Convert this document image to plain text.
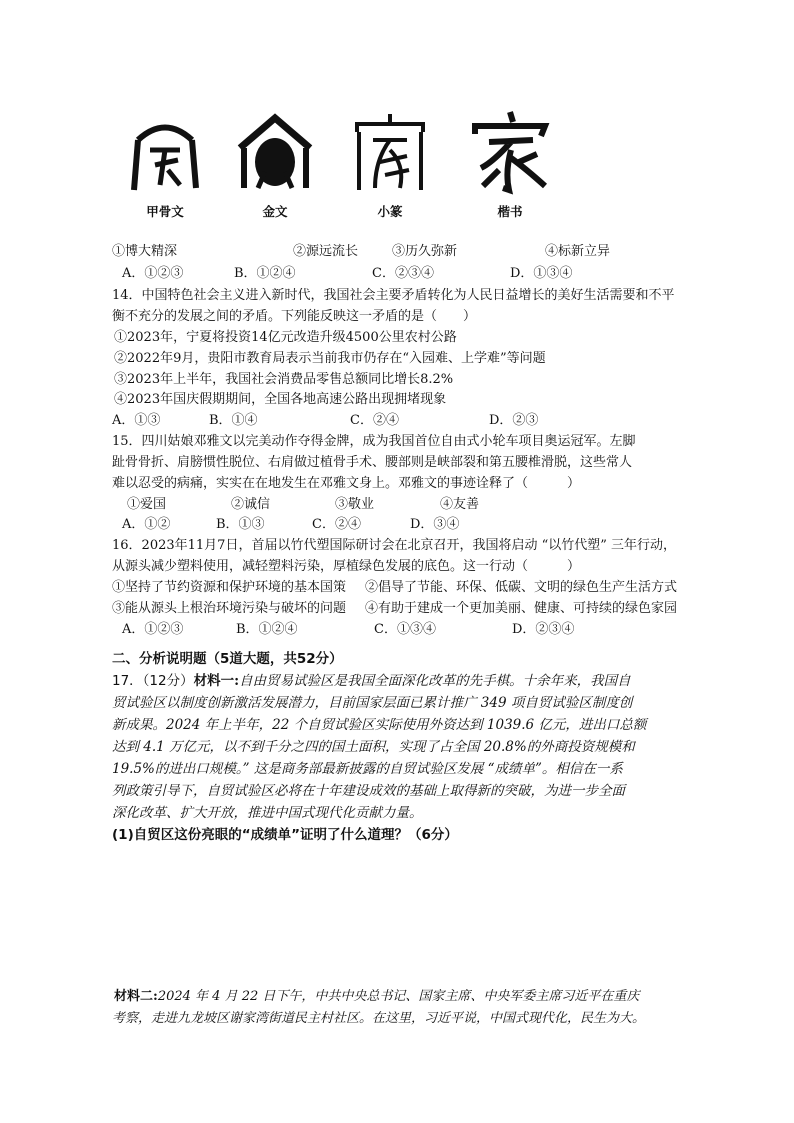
甲骨文	金文	小篆	楷书
①博大精深	②源远流长	③历久弥新	④标新立异
A．①②③	B．①②④	C．②③④	D．①③④
14．中国特色社会主义进入新时代，我国社会主要矛盾转化为人民日益增长的美好生活需要和不平
衡不充分的发展之间的矛盾。下列能反映这一矛盾的是（　　）
①2023年，宁夏将投资14亿元改造升级4500公里农村公路
②2022年9月，贵阳市教育局表示当前我市仍存在“入园难、上学难”等问题
③2023年上半年，我国社会消费品零售总额同比增长8.2%
④2023年国庆假期期间，全国各地高速公路出现拥堵现象
A．①③	B．①④	C．②④	D．②③
15．四川姑娘邓雅文以完美动作夺得金牌，成为我国首位自由式小轮车项目奥运冠军。左脚
趾骨骨折、肩膀惯性脱位、右肩做过植骨手术、腰部则是峡部裂和第五腰椎滑脱，这些常人
难以忍受的病痛，实实在在地发生在邓雅文身上。邓雅文的事迹诠释了（　　　）
①爱国	②诚信	③敬业	④友善
A．①②	B．①③	C．②④	D．③④
16．2023年11月7日，首届以竹代塑国际研讨会在北京召开，我国将启动 “以竹代塑” 三年行动，
从源头减少塑料使用，减轻塑料污染，厚植绿色发展的底色。这一行动（　　　）
①坚持了节约资源和保护环境的基本国策 ②倡导了节能、环保、低碳、文明的绿色生产生活方式
③能从源头上根治环境污染与破坏的问题 ④有助于建成一个更加美丽、健康、可持续的绿色家园
A．①②③	B．①②④	C．①③④	D．②③④
二、分析说明题（5道大题，共52分）
17．（12分）材料一:自由贸易试验区是我国全面深化改革的先手棋。十余年来，我国自
贸试验区以制度创新激活发展潜力，目前国家层面已累计推广 349 项自贸试验区制度创
新成果。2024 年上半年，22 个自贸试验区实际使用外资达到 1039.6 亿元，进出口总额
达到 4.1 万亿元，以不到千分之四的国土面积，实现了占全国 20.8%的外商投资规模和
19.5%的进出口规模。” 这是商务部最新披露的自贸试验区发展 “成绩单”。相信在一系
列政策引导下，自贸试验区必将在十年建设成效的基础上取得新的突破，为进一步全面
深化改革、扩大开放，推进中国式现代化贡献力量。
(1)自贸区这份亮眼的“成绩单”证明了什么道理？（6分）
材料二:2024 年 4 月 22 日下午，中共中央总书记、国家主席、中央军委主席习近平在重庆
考察，走进九龙坡区谢家湾街道民主村社区。在这里，习近平说，中国式现代化，民生为大。
